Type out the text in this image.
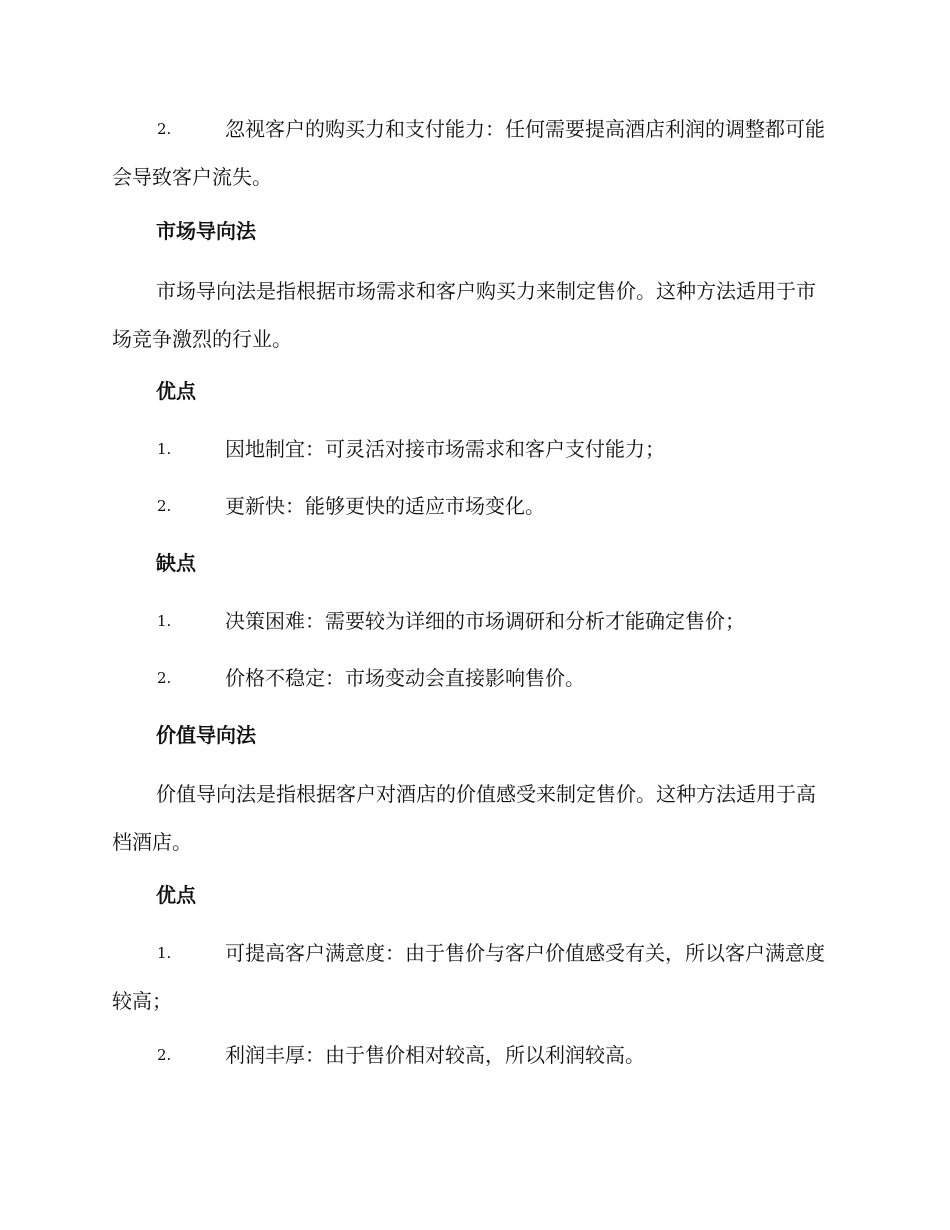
2.	忽视客户的购买力和支付能力：任何需要提高酒店利润的调整都可能会导致客户流失。

市场导向法

市场导向法是指根据市场需求和客户购买力来制定售价。这种方法适用于市场竞争激烈的行业。

优点
1.	因地制宜：可灵活对接市场需求和客户支付能力；

2.	更新快：能够更快的适应市场变化。

缺点
1.	决策困难：需要较为详细的市场调研和分析才能确定售价；

2.	价格不稳定：市场变动会直接影响售价。

价值导向法

价值导向法是指根据客户对酒店的价值感受来制定售价。这种方法适用于高档酒店。

优点
1.	可提高客户满意度：由于售价与客户价值感受有关，所以客户满意度较高；

2.	利润丰厚：由于售价相对较高，所以利润较高。
